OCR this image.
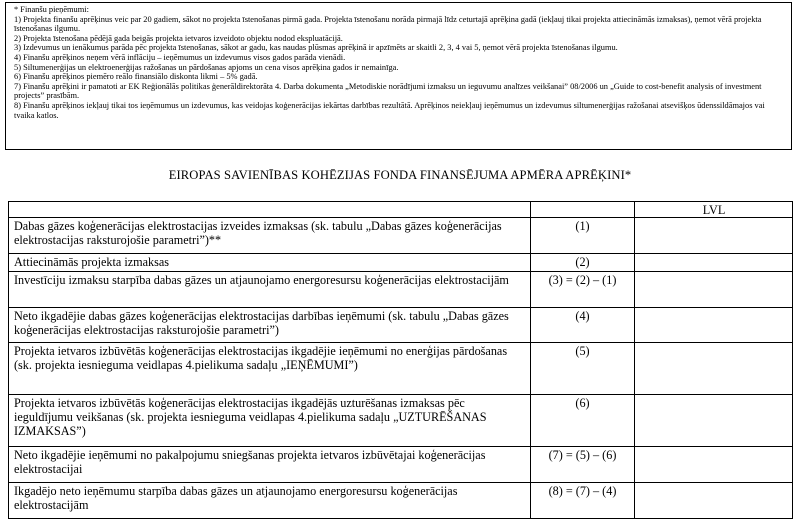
* Finanšu pieņēmumi:
1) Projekta finanšu aprēķinus veic par 20 gadiem, sākot no projekta īstenošanas pirmā gada. Projekta īstenošanu norāda pirmajā līdz ceturtajā aprēķina gadā (iekļauj tikai projekta attiecināmās izmaksas), ņemot vērā projekta īstenošanas ilgumu.
2) Projekta īstenošana pēdējā gada beigās projekta ietvaros izveidoto objektu nodod ekspluatācijā.
3) Izdevumus un ienākumus parāda pēc projekta īstenošanas, sākot ar gadu, kas naudas plūsmas aprēķinā ir apzīmēts ar skaitli 2, 3, 4 vai 5, ņemot vērā projekta īstenošanas ilgumu.
4) Finanšu aprēķinos neņem vērā inflāciju – ieņēmumus un izdevumus visos gados parāda vienādi.
5) Siltumenerģijas un elektroenerģijas ražošanas un pārdošanas apjoms un cena visos aprēķina gados ir nemainīga.
6) Finanšu aprēķinos piemēro reālo finansiālo diskonta likmi – 5% gadā.
7) Finanšu aprēķini ir pamatoti ar EK Reģionālās politikas ģenerāldirektorāta 4. Darba dokumenta „Metodiskie norādījumi izmaksu un ieguvumu analīzes veikšanai” 08/2006 un „Guide to cost-benefit analysis of investment projects” prasībām.
8) Finanšu aprēķinos iekļauj tikai tos ieņēmumus un izdevumus, kas veidojas koģenerācijas iekārtas darbības rezultātā. Aprēķinos neiekļauj ieņēmumus un izdevumus siltumenerģijas ražošanai atsevišķos ūdenssildāmajos vai tvaika katlos.
EIROPAS SAVIENĪBAS KOHĒZIJAS FONDA FINANSĒJUMA APMĒRA APRĒĶINI*
		LVL
Dabas gāzes koģenerācijas elektrostacijas izveides izmaksas (sk. tabulu „Dabas gāzes koģenerācijas elektrostacijas raksturojošie parametri”)**	(1)	
Attiecināmās projekta izmaksas	(2)	
Investīciju izmaksu starpība dabas gāzes un atjaunojamo energoresursu koģenerācijas elektrostacijām	(3) = (2) – (1)	
Neto ikgadējie dabas gāzes koģenerācijas elektrostacijas darbības ieņēmumi (sk. tabulu „Dabas gāzes koģenerācijas elektrostacijas raksturojošie parametri”)	(4)	
Projekta ietvaros izbūvētās koģenerācijas elektrostacijas ikgadējie ieņēmumi no enerģijas pārdošanas (sk. projekta iesnieguma veidlapas 4.pielikuma sadaļu „IEŅĒMUMI”)	(5)	
Projekta ietvaros izbūvētās koģenerācijas elektrostacijas ikgadējās uzturēšanas izmaksas pēc ieguldījumu veikšanas (sk. projekta iesnieguma veidlapas 4.pielikuma sadaļu „UZTURĒŠANAS IZMAKSAS”)	(6)	
Neto ikgadējie ieņēmumi no pakalpojumu sniegšanas projekta ietvaros izbūvētajai koģenerācijas elektrostacijai	(7) = (5) – (6)	
Ikgadējo neto ieņēmumu starpība dabas gāzes un atjaunojamo energoresursu koģenerācijas elektrostacijām	(8) = (7) – (4)	
